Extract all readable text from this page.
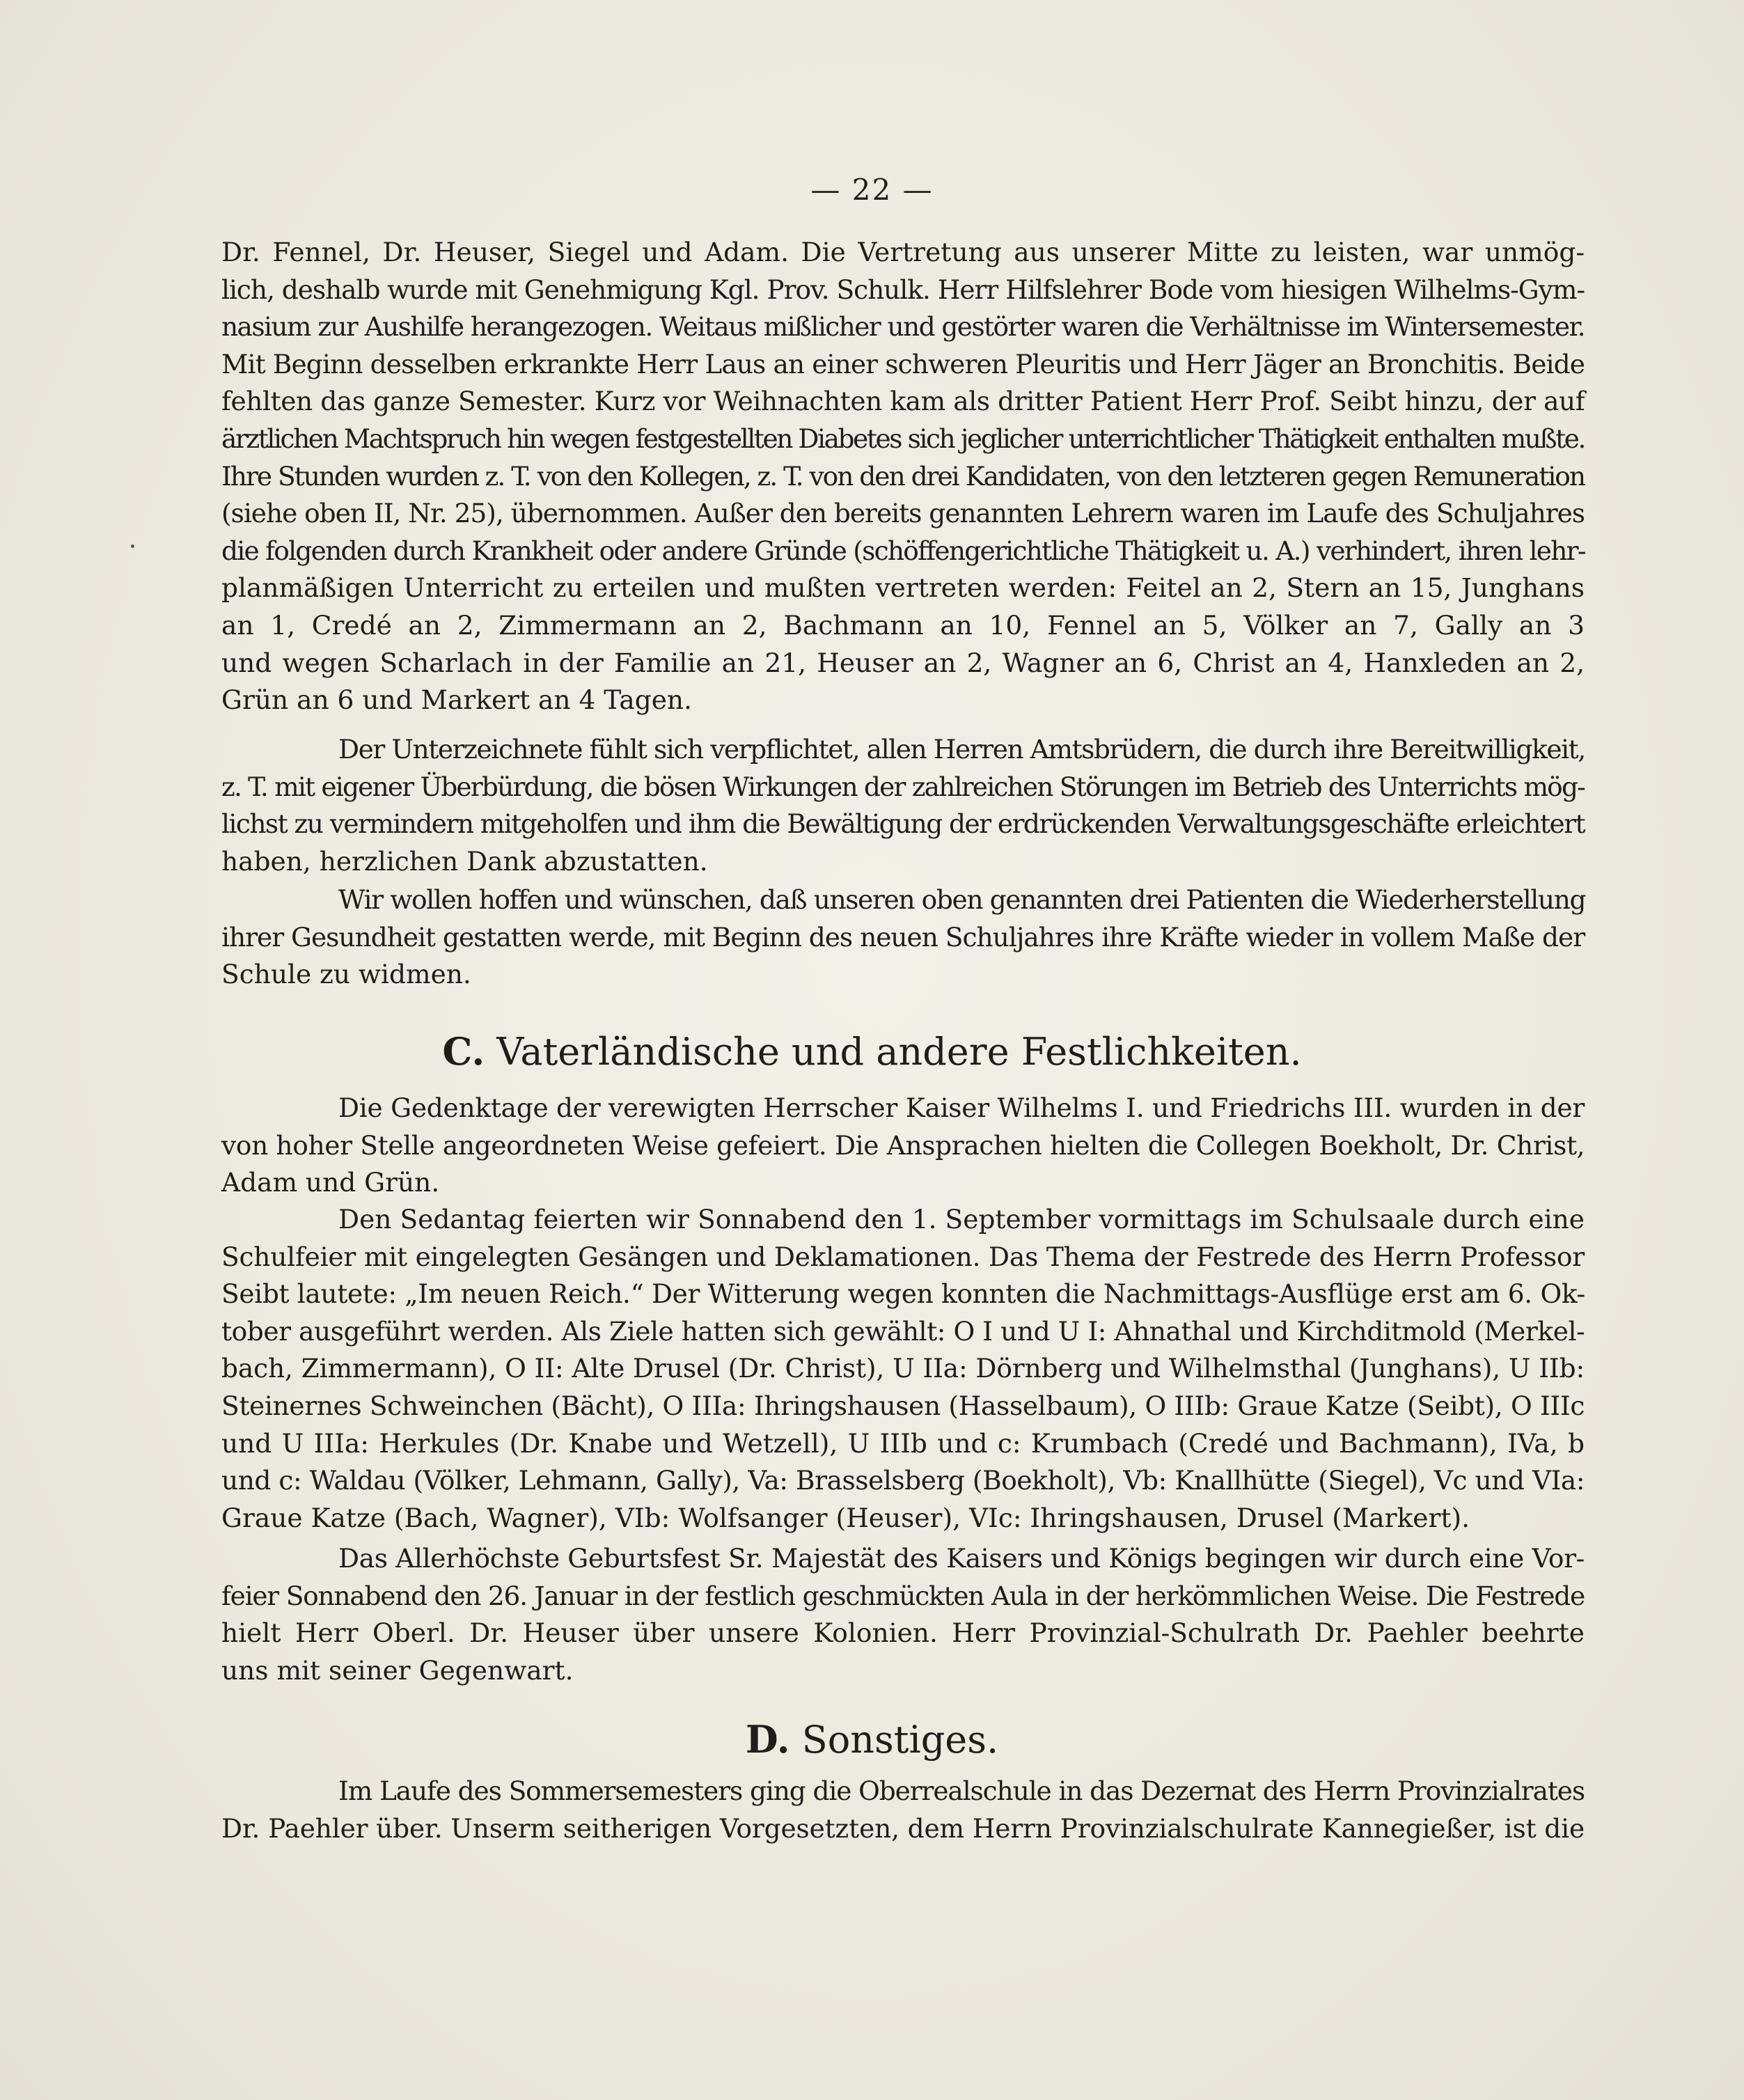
— 22 —
Dr. Fennel, Dr. Heuser, Siegel und Adam. Die Vertretung aus unserer Mitte zu leisten, war unmög-
lich, deshalb wurde mit Genehmigung Kgl. Prov. Schulk. Herr Hilfslehrer Bode vom hiesigen Wilhelms-Gym-
nasium zur Aushilfe herangezogen. Weitaus mißlicher und gestörter waren die Verhältnisse im Wintersemester.
Mit Beginn desselben erkrankte Herr Laus an einer schweren Pleuritis und Herr Jäger an Bronchitis. Beide
fehlten das ganze Semester. Kurz vor Weihnachten kam als dritter Patient Herr Prof. Seibt hinzu, der auf
ärztlichen Machtspruch hin wegen festgestellten Diabetes sich jeglicher unterrichtlicher Thätigkeit enthalten mußte.
Ihre Stunden wurden z. T. von den Kollegen, z. T. von den drei Kandidaten, von den letzteren gegen Remuneration
(siehe oben II, Nr. 25), übernommen. Außer den bereits genannten Lehrern waren im Laufe des Schuljahres
die folgenden durch Krankheit oder andere Gründe (schöffengerichtliche Thätigkeit u. A.) verhindert, ihren lehr-
planmäßigen Unterricht zu erteilen und mußten vertreten werden: Feitel an 2, Stern an 15, Junghans
an 1, Credé an 2, Zimmermann an 2, Bachmann an 10, Fennel an 5, Völker an 7, Gally an 3
und wegen Scharlach in der Familie an 21, Heuser an 2, Wagner an 6, Christ an 4, Hanxleden an 2,
Grün an 6 und Markert an 4 Tagen.
Der Unterzeichnete fühlt sich verpflichtet, allen Herren Amtsbrüdern, die durch ihre Bereitwilligkeit,
z. T. mit eigener Überbürdung, die bösen Wirkungen der zahlreichen Störungen im Betrieb des Unterrichts mög-
lichst zu vermindern mitgeholfen und ihm die Bewältigung der erdrückenden Verwaltungsgeschäfte erleichtert
haben, herzlichen Dank abzustatten.
Wir wollen hoffen und wünschen, daß unseren oben genannten drei Patienten die Wiederherstellung
ihrer Gesundheit gestatten werde, mit Beginn des neuen Schuljahres ihre Kräfte wieder in vollem Maße der
Schule zu widmen.
C. Vaterländische und andere Festlichkeiten.
Die Gedenktage der verewigten Herrscher Kaiser Wilhelms I. und Friedrichs III. wurden in der
von hoher Stelle angeordneten Weise gefeiert. Die Ansprachen hielten die Collegen Boekholt, Dr. Christ,
Adam und Grün.
Den Sedantag feierten wir Sonnabend den 1. September vormittags im Schulsaale durch eine
Schulfeier mit eingelegten Gesängen und Deklamationen. Das Thema der Festrede des Herrn Professor
Seibt lautete: „Im neuen Reich.“ Der Witterung wegen konnten die Nachmittags-Ausflüge erst am 6. Ok-
tober ausgeführt werden. Als Ziele hatten sich gewählt: O I und U I: Ahnathal und Kirchditmold (Merkel-
bach, Zimmermann), O II: Alte Drusel (Dr. Christ), U IIa: Dörnberg und Wilhelmsthal (Junghans), U IIb:
Steinernes Schweinchen (Bächt), O IIIa: Ihringshausen (Hasselbaum), O IIIb: Graue Katze (Seibt), O IIIc
und U IIIa: Herkules (Dr. Knabe und Wetzell), U IIIb und c: Krumbach (Credé und Bachmann), IVa, b
und c: Waldau (Völker, Lehmann, Gally), Va: Brasselsberg (Boekholt), Vb: Knallhütte (Siegel), Vc und VIa:
Graue Katze (Bach, Wagner), VIb: Wolfsanger (Heuser), VIc: Ihringshausen, Drusel (Markert).
Das Allerhöchste Geburtsfest Sr. Majestät des Kaisers und Königs begingen wir durch eine Vor-
feier Sonnabend den 26. Januar in der festlich geschmückten Aula in der herkömmlichen Weise. Die Festrede
hielt Herr Oberl. Dr. Heuser über unsere Kolonien. Herr Provinzial-Schulrath Dr. Paehler beehrte
uns mit seiner Gegenwart.
D. Sonstiges.
Im Laufe des Sommersemesters ging die Oberrealschule in das Dezernat des Herrn Provinzialrates
Dr. Paehler über. Unserm seitherigen Vorgesetzten, dem Herrn Provinzialschulrate Kannegießer, ist die
